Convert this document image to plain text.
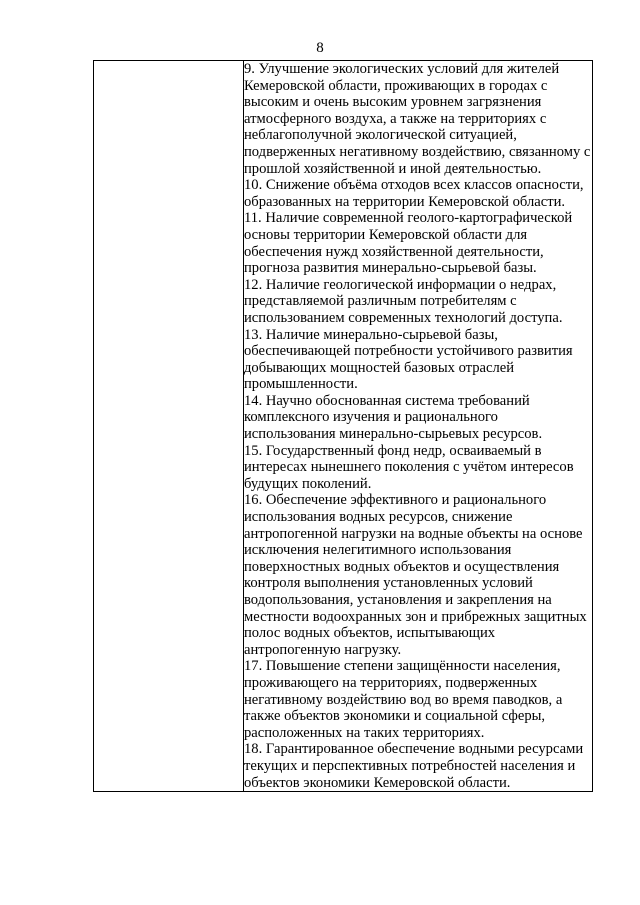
8

9. Улучшение экологических условий для жителей Кемеровской области, проживающих в городах с высоким и очень высоким уровнем загрязнения атмосферного воздуха, а также на территориях с неблагополучной экологической ситуацией, подверженных негативному воздействию, связанному с прошлой хозяйственной и иной деятельностью.

10. Снижение объёма отходов всех классов опасности, образованных на территории Кемеровской области.

11. Наличие современной геолого-картографической основы территории Кемеровской области для обеспечения нужд хозяйственной деятельности, прогноза развития минерально-сырьевой базы.

12. Наличие геологической информации о недрах, представляемой различным потребителям с использованием современных технологий доступа.

13. Наличие минерально-сырьевой базы, обеспечивающей потребности устойчивого развития добывающих мощностей базовых отраслей промышленности.

14. Научно обоснованная система требований комплексного изучения и рационального использования минерально-сырьевых ресурсов.

15. Государственный фонд недр, осваиваемый в интересах нынешнего поколения с учётом интересов будущих поколений.

16. Обеспечение эффективного и рационального использования водных ресурсов, снижение антропогенной нагрузки на водные объекты на основе исключения нелегитимного использования поверхностных водных объектов и осуществления контроля выполнения установленных условий водопользования, установления и закрепления на местности водоохранных зон и прибрежных защитных полос водных объектов, испытывающих антропогенную нагрузку.

17. Повышение степени защищённости населения, проживающего на территориях, подверженных негативному воздействию вод во время паводков, а также объектов экономики и социальной сферы, расположенных на таких территориях.

18. Гарантированное обеспечение водными ресурсами текущих и перспективных потребностей населения и объектов экономики Кемеровской области.
